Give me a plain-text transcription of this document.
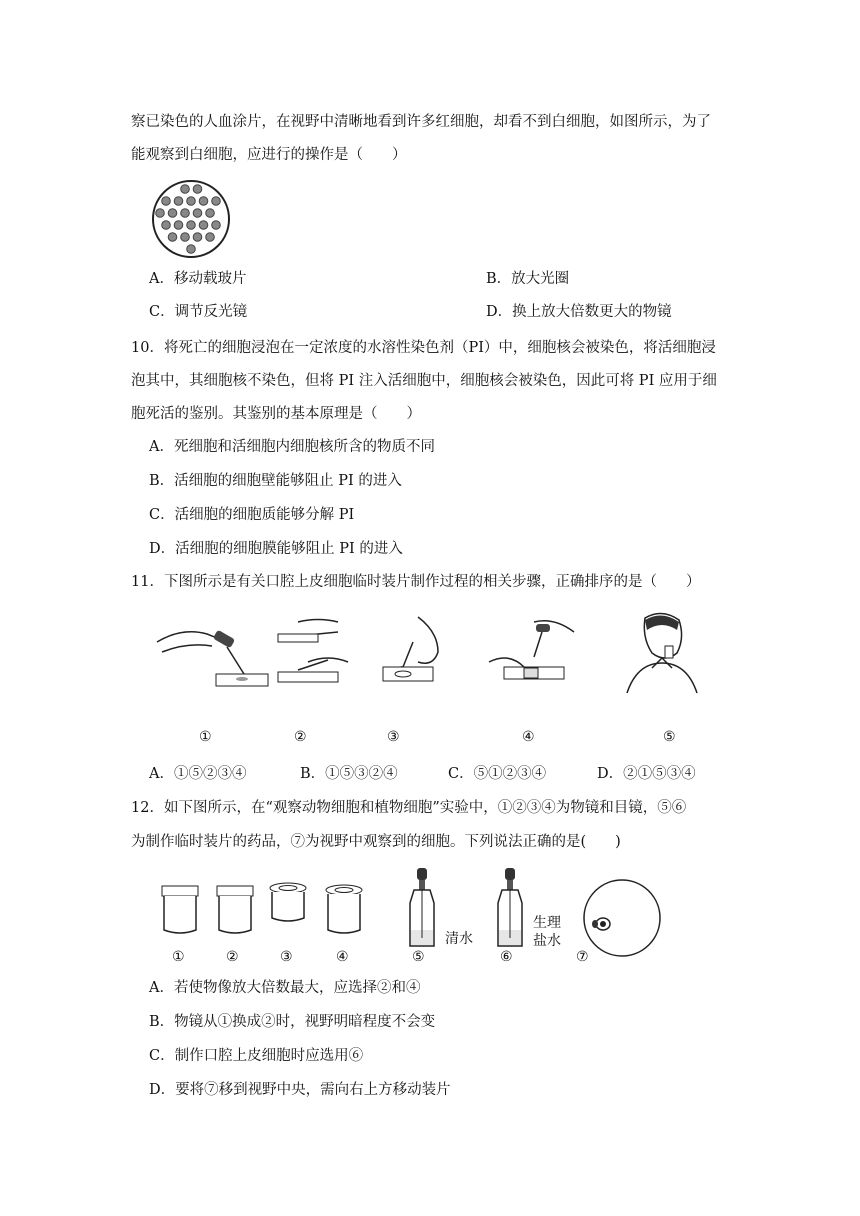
察已染色的人血涂片，在视野中清晰地看到许多红细胞，却看不到白细胞，如图所示，为了
能观察到白细胞，应进行的操作是（　　）
A．移动载玻片	B．放大光圈
C．调节反光镜	D．换上放大倍数更大的物镜
10．将死亡的细胞浸泡在一定浓度的水溶性染色剂（PI）中，细胞核会被染色，将活细胞浸
泡其中，其细胞核不染色，但将 PI 注入活细胞中，细胞核会被染色，因此可将 PI 应用于细
胞死活的鉴别。其鉴别的基本原理是（　　）
A．死细胞和活细胞内细胞核所含的物质不同
B．活细胞的细胞壁能够阻止 PI 的进入
C．活细胞的细胞质能够分解 PI
D．活细胞的细胞膜能够阻止 PI 的进入
11．下图所示是有关口腔上皮细胞临时装片制作过程的相关步骤，正确排序的是（　　）
①	②	③	④	⑤
A．①⑤②③④	B．①⑤③②④	C．⑤①②③④	D．②①⑤③④
12．如下图所示，在“观察动物细胞和植物细胞”实验中，①②③④为物镜和目镜，⑤⑥
为制作临时装片的药品，⑦为视野中观察到的细胞。下列说法正确的是(　　)
清水
生理
盐水
①	②	③	④	⑤	⑥	⑦
A．若使物像放大倍数最大，应选择②和④
B．物镜从①换成②时，视野明暗程度不会变
C．制作口腔上皮细胞时应选用⑥
D．要将⑦移到视野中央，需向右上方移动装片
